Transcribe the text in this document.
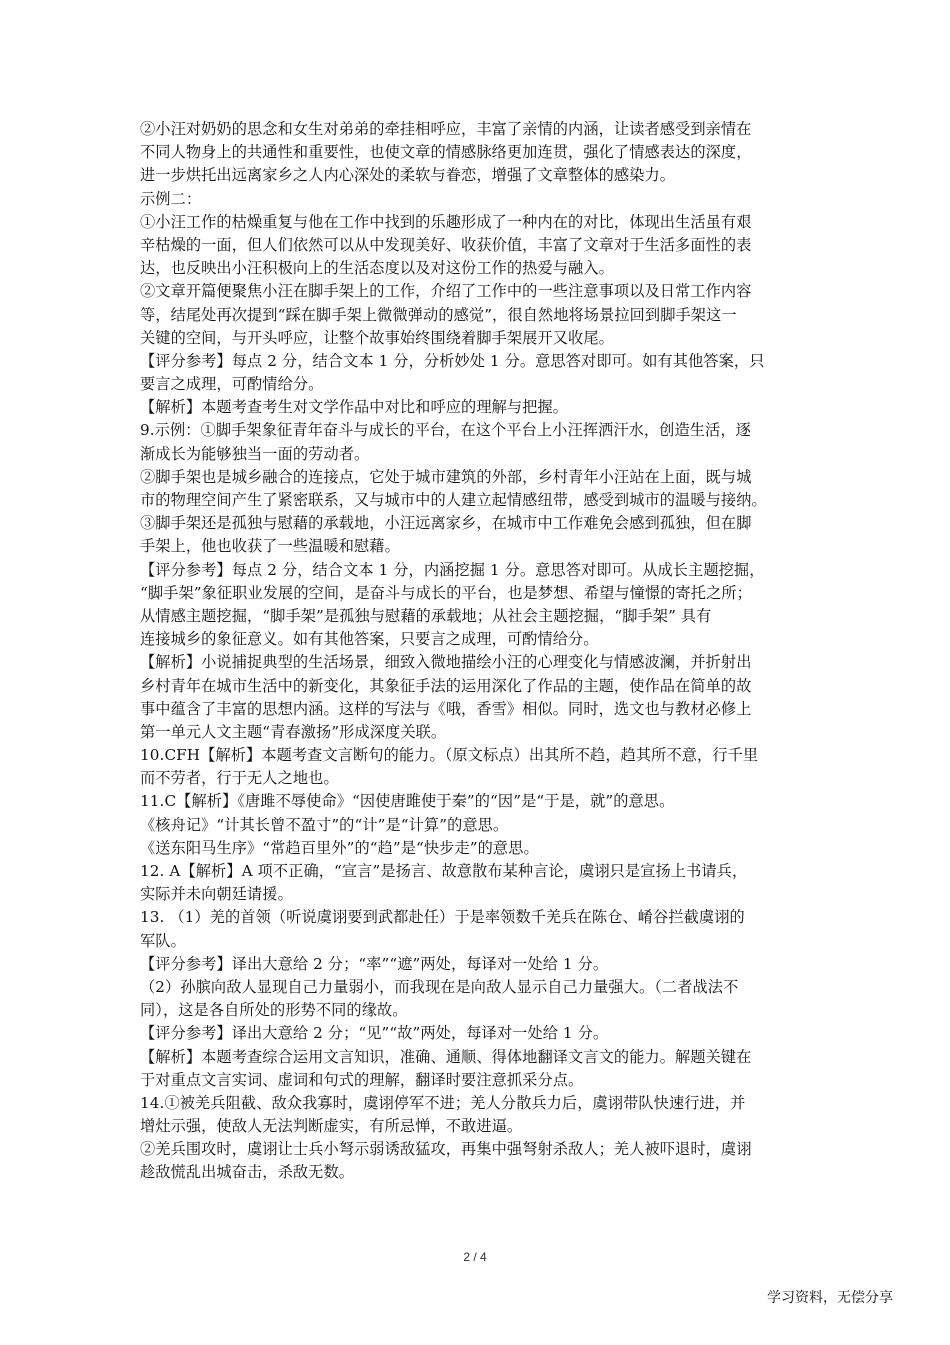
②小汪对奶奶的思念和女生对弟弟的牵挂相呼应，丰富了亲情的内涵，让读者感受到亲情在
不同人物身上的共通性和重要性，也使文章的情感脉络更加连贯，强化了情感表达的深度，
进一步烘托出远离家乡之人内心深处的柔软与眷恋，增强了文章整体的感染力。
示例二：
①小汪工作的枯燥重复与他在工作中找到的乐趣形成了一种内在的对比，体现出生活虽有艰
辛枯燥的一面，但人们依然可以从中发现美好、收获价值，丰富了文章对于生活多面性的表
达，也反映出小汪积极向上的生活态度以及对这份工作的热爱与融入。
②文章开篇便聚焦小汪在脚手架上的工作，介绍了工作中的一些注意事项以及日常工作内容
等，结尾处再次提到“踩在脚手架上微微弹动的感觉”，很自然地将场景拉回到脚手架这一
关键的空间，与开头呼应，让整个故事始终围绕着脚手架展开又收尾。
【评分参考】每点 2 分，结合文本 1 分，分析妙处 1 分。意思答对即可。如有其他答案，只
要言之成理，可酌情给分。
【解析】本题考查考生对文学作品中对比和呼应的理解与把握。
9.示例：①脚手架象征青年奋斗与成长的平台，在这个平台上小汪挥洒汗水，创造生活，逐
渐成长为能够独当一面的劳动者。
②脚手架也是城乡融合的连接点，它处于城市建筑的外部，乡村青年小汪站在上面，既与城
市的物理空间产生了紧密联系，又与城市中的人建立起情感纽带，感受到城市的温暖与接纳。
③脚手架还是孤独与慰藉的承载地，小汪远离家乡，在城市中工作难免会感到孤独，但在脚
手架上，他也收获了一些温暖和慰藉。
【评分参考】每点 2 分，结合文本 1 分，内涵挖掘 1 分。意思答对即可。从成长主题挖掘，
“脚手架”象征职业发展的空间，是奋斗与成长的平台，也是梦想、希望与憧憬的寄托之所；
从情感主题挖掘，“脚手架”是孤独与慰藉的承载地；从社会主题挖掘，“脚手架” 具有
连接城乡的象征意义。如有其他答案，只要言之成理，可酌情给分。
【解析】小说捕捉典型的生活场景，细致入微地描绘小汪的心理变化与情感波澜，并折射出
乡村青年在城市生活中的新变化，其象征手法的运用深化了作品的主题，使作品在简单的故
事中蕴含了丰富的思想内涵。这样的写法与《哦，香雪》相似。同时，选文也与教材必修上
第一单元人文主题“青春激扬”形成深度关联。
10.CFH【解析】本题考查文言断句的能力。（原文标点）出其所不趋，趋其所不意，行千里
而不劳者，行于无人之地也。
11.C【解析】《唐雎不辱使命》“因使唐雎使于秦”的“因”是“于是，就”的意思。
《核舟记》“计其长曾不盈寸”的“计”是“计算”的意思。
《送东阳马生序》“常趋百里外”的“趋”是“快步走”的意思。
12. A【解析】A 项不正确，“宣言”是扬言、故意散布某种言论，虞诩只是宣扬上书请兵，
实际并未向朝廷请援。
13. （1）羌的首领（听说虞诩要到武都赴任）于是率领数千羌兵在陈仓、崤谷拦截虞诩的
军队。
【评分参考】译出大意给 2 分；“率”“遮”两处，每译对一处给 1 分。
（2）孙膑向敌人显现自己力量弱小，而我现在是向敌人显示自己力量强大。（二者战法不
同），这是各自所处的形势不同的缘故。
【评分参考】译出大意给 2 分；“见”“故”两处，每译对一处给 1 分。
【解析】本题考查综合运用文言知识，准确、通顺、得体地翻译文言文的能力。解题关键在
于对重点文言实词、虚词和句式的理解，翻译时要注意抓采分点。
14.①被羌兵阻截、敌众我寡时，虞诩停军不进；羌人分散兵力后，虞诩带队快速行进，并
增灶示强，使敌人无法判断虚实，有所忌惮，不敢进逼。
②羌兵围攻时，虞诩让士兵小弩示弱诱敌猛攻，再集中强弩射杀敌人；羌人被吓退时，虞诩
趁敌慌乱出城奋击，杀敌无数。
2 / 4
学习资料，无偿分享
